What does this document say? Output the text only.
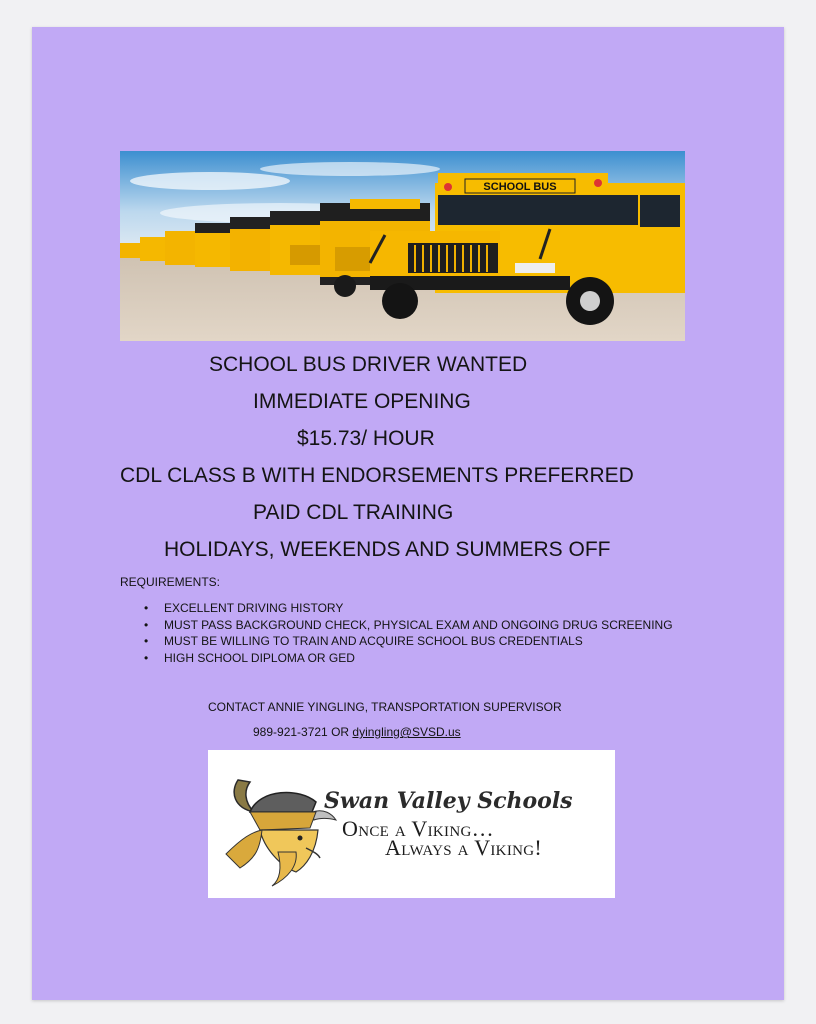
SCHOOL BUS
SCHOOL BUS DRIVER WANTED
IMMEDIATE OPENING
$15.73/ HOUR
CDL CLASS B WITH ENDORSEMENTS PREFERRED
PAID CDL TRAINING
HOLIDAYS, WEEKENDS AND SUMMERS OFF
REQUIREMENTS:
• EXCELLENT DRIVING HISTORY
• MUST PASS BACKGROUND CHECK, PHYSICAL EXAM AND ONGOING DRUG SCREENING
• MUST BE WILLING TO TRAIN AND ACQUIRE SCHOOL BUS CREDENTIALS
• HIGH SCHOOL DIPLOMA OR GED
CONTACT ANNIE YINGLING, TRANSPORTATION SUPERVISOR
989-921-3721 OR dyingling@SVSD.us
Swan Valley Schools
Once a Viking…
Always a Viking!
